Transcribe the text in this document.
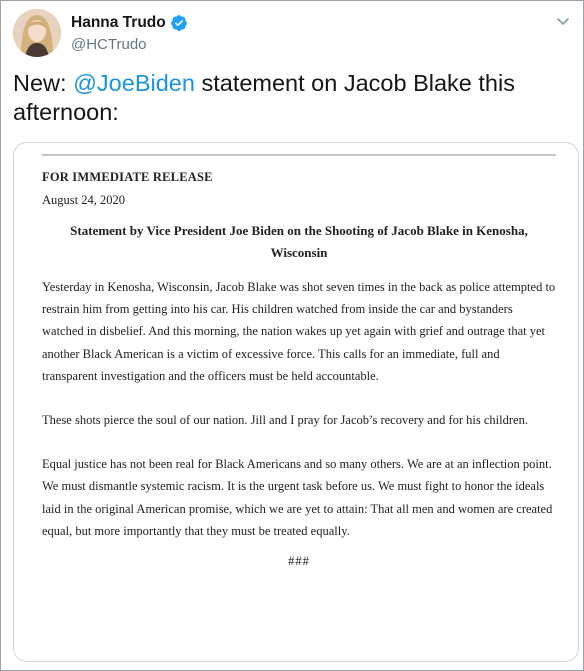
Hanna Trudo
@HCTrudo
New: @JoeBiden statement on Jacob Blake this afternoon:
FOR IMMEDIATE RELEASE
August 24, 2020
Statement by Vice President Joe Biden on the Shooting of Jacob Blake in Kenosha, Wisconsin
Yesterday in Kenosha, Wisconsin, Jacob Blake was shot seven times in the back as police attempted to restrain him from getting into his car. His children watched from inside the car and bystanders watched in disbelief. And this morning, the nation wakes up yet again with grief and outrage that yet another Black American is a victim of excessive force. This calls for an immediate, full and transparent investigation and the officers must be held accountable.
These shots pierce the soul of our nation. Jill and I pray for Jacob’s recovery and for his children.
Equal justice has not been real for Black Americans and so many others. We are at an inflection point. We must dismantle systemic racism. It is the urgent task before us. We must fight to honor the ideals laid in the original American promise, which we are yet to attain: That all men and women are created equal, but more importantly that they must be treated equally.
###
